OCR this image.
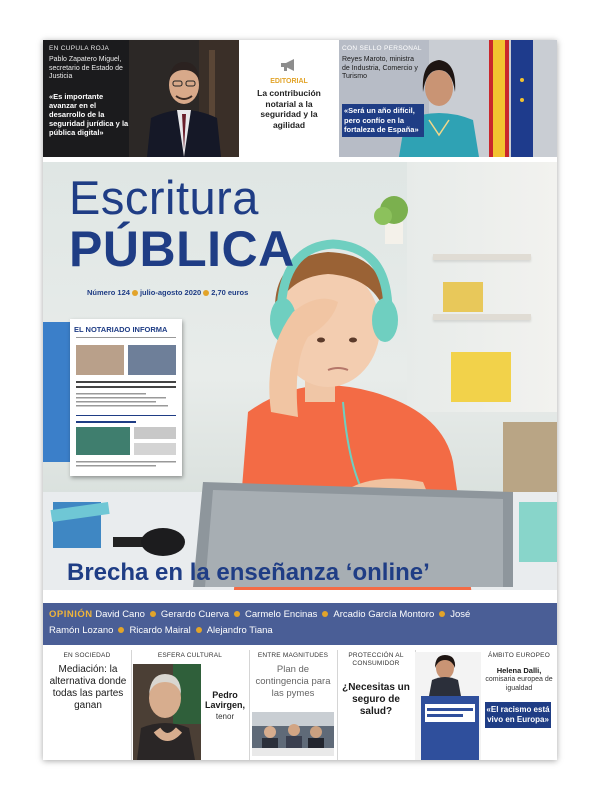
EN CUPULA ROJA
Pablo Zapatero Miguel, secretario de Estado de Justicia
«Es importante avanzar en el desarrollo de la seguridad jurídica y la pública digital»
EDITORIAL
La contribución notarial a la seguridad y la agilidad
CON SELLO PERSONAL
Reyes Maroto, ministra de Industria, Comercio y Turismo
«Será un año difícil, pero confío en la fortaleza de España»
Escritura
PÚBLICA
Número 124 julio-agosto 2020 2,70 euros
EL NOTARIADO INFORMA
Brecha en la enseñanza ‘online’
OPINIÓN David Cano Gerardo Cuerva Carmelo Encinas Arcadio García Montoro José
Ramón Lozano Ricardo Mairal Alejandro Tiana
EN SOCIEDAD
Mediación: la alternativa donde todas las partes ganan
ESFERA CULTURAL
Pedro Lavirgen,
tenor
ENTRE MAGNITUDES
Plan de contingencia para las pymes
PROTECCIÓN AL CONSUMIDOR
¿Necesitas un seguro de salud?
ÁMBITO EUROPEO
Helena Dalli,
comisaria europea de igualdad
«El racismo está vivo en Europa»
